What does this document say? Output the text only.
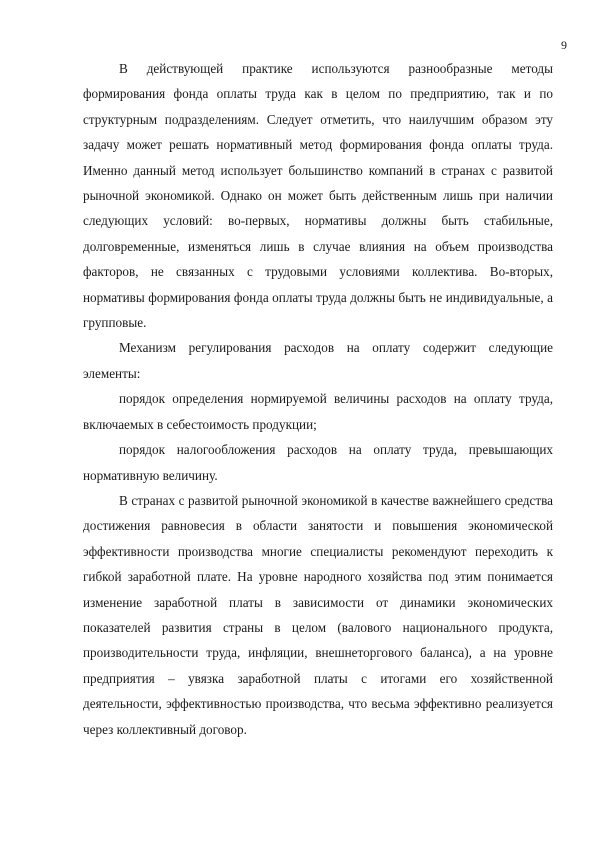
9

В действующей практике используются разнообразные методы формирования фонда оплаты труда как в целом по предприятию, так и по структурным подразделениям. Следует отметить, что наилучшим образом эту задачу может решать нормативный метод формирования фонда оплаты труда. Именно данный метод использует большинство компаний в странах с развитой рыночной экономикой. Однако он может быть действенным лишь при наличии следующих условий: во-первых, нормативы должны быть стабильные, долговременные, изменяться лишь в случае влияния на объем производства факторов, не связанных с трудовыми условиями коллектива. Во-вторых, нормативы формирования фонда оплаты труда должны быть не индивидуальные, а групповые.

Механизм регулирования расходов на оплату содержит следующие элементы:

порядок определения нормируемой величины расходов на оплату труда, включаемых в себестоимость продукции;

порядок налогообложения расходов на оплату труда, превышающих нормативную величину.

В странах с развитой рыночной экономикой в качестве важнейшего средства достижения равновесия в области занятости и повышения экономической эффективности производства многие специалисты рекомендуют переходить к гибкой заработной плате. На уровне народного хозяйства под этим понимается изменение заработной платы в зависимости от динамики экономических показателей развития страны в целом (валового национального продукта, производительности труда, инфляции, внешнеторгового баланса), а на уровне предприятия – увязка заработной платы с итогами его хозяйственной деятельности, эффективностью производства, что весьма эффективно реализуется через коллективный договор.
